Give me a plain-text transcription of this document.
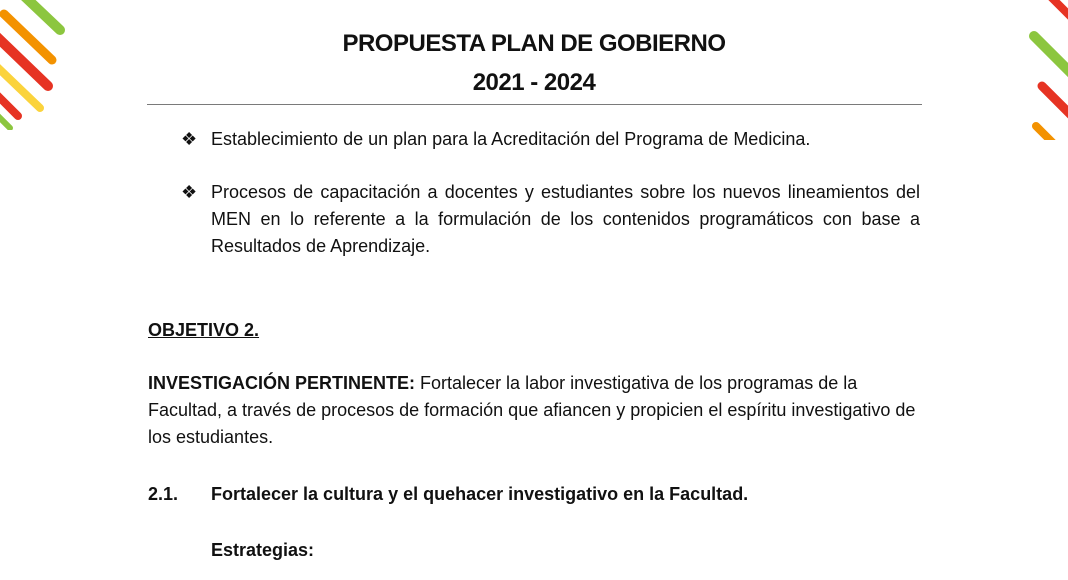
PROPUESTA PLAN DE GOBIERNO
2021 - 2024
❖ Establecimiento de un plan para la Acreditación del Programa de Medicina.
❖ Procesos de capacitación a docentes y estudiantes sobre los nuevos lineamientos del MEN en lo referente a la formulación de los contenidos programáticos con base a Resultados de Aprendizaje.
OBJETIVO 2.
INVESTIGACIÓN PERTINENTE: Fortalecer la labor investigativa de los programas de la Facultad, a través de procesos de formación que afiancen y propicien el espíritu investigativo de los estudiantes.
2.1. Fortalecer la cultura y el quehacer investigativo en la Facultad.
Estrategias:
